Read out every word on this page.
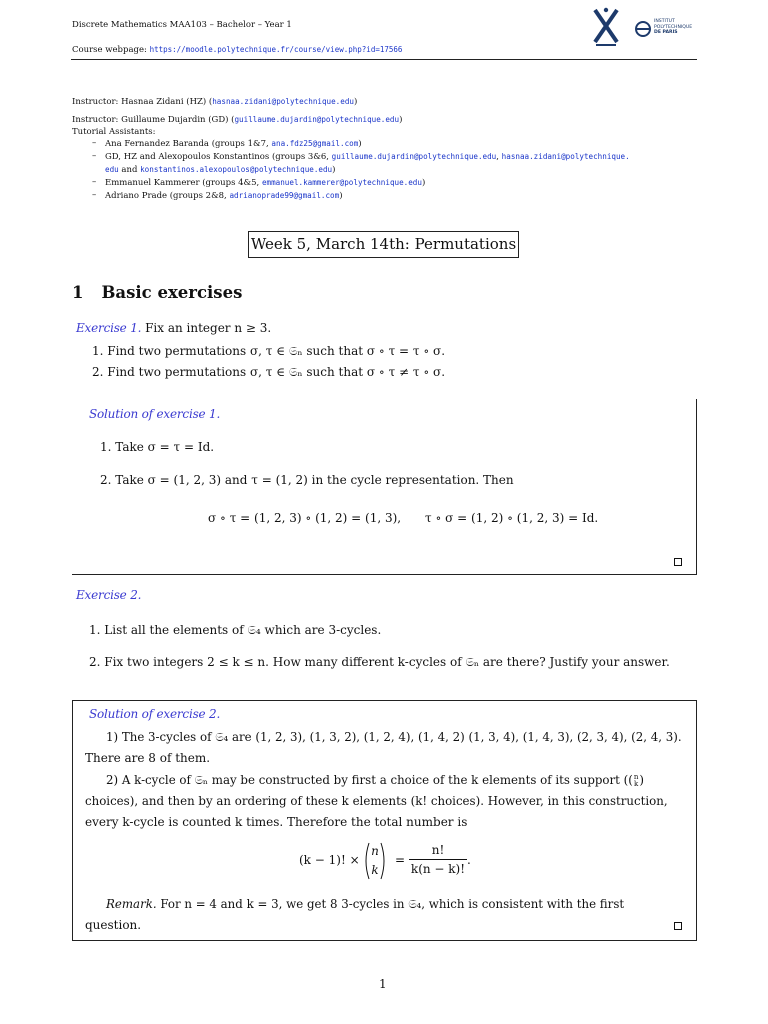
Discrete Mathematics MAA103 – Bachelor – Year 1
Course webpage: https://moodle.polytechnique.fr/course/view.php?id=17566
INSTITUT
POLYTECHNIQUE
DE PARIS
Instructor: Hasnaa Zidani (HZ) (hasnaa.zidani@polytechnique.edu)
Instructor: Guillaume Dujardin (GD) (guillaume.dujardin@polytechnique.edu)
Tutorial Assistants:
– Ana Fernandez Baranda (groups 1&7, ana.fdz25@gmail.com)
– GD, HZ and Alexopoulos Konstantinos (groups 3&6, guillaume.dujardin@polytechnique.edu, hasnaa.zidani@polytechnique.
edu and konstantinos.alexopoulos@polytechnique.edu)
– Emmanuel Kammerer (groups 4&5, emmanuel.kammerer@polytechnique.edu)
– Adriano Prade (groups 2&8, adrianoprade99@gmail.com)
Week 5, March 14th: Permutations
1 Basic exercises
Exercise 1. Fix an integer n ≥ 3.
1. Find two permutations σ, τ ∈ 𝔖ₙ such that σ ∘ τ = τ ∘ σ.
2. Find two permutations σ, τ ∈ 𝔖ₙ such that σ ∘ τ ≠ τ ∘ σ.
Solution of exercise 1.
1. Take σ = τ = Id.
2. Take σ = (1, 2, 3) and τ = (1, 2) in the cycle representation. Then
σ ∘ τ = (1, 2, 3) ∘ (1, 2) = (1, 3), τ ∘ σ = (1, 2) ∘ (1, 2, 3) = Id.
Exercise 2.
1. List all the elements of 𝔖₄ which are 3-cycles.
2. Fix two integers 2 ≤ k ≤ n. How many different k-cycles of 𝔖ₙ are there? Justify your answer.
Solution of exercise 2.
1) The 3-cycles of 𝔖₄ are (1, 2, 3), (1, 3, 2), (1, 2, 4), (1, 4, 2) (1, 3, 4), (1, 4, 3), (2, 3, 4), (2, 4, 3).
There are 8 of them.
2) A k-cycle of 𝔖ₙ may be constructed by first a choice of the k elements of its support ((n
k)
choices), and then by an ordering of these k elements (k! choices). However, in this construction,
every k-cycle is counted k times. Therefore the total number is
(k − 1)! ×
n
k
=
n!
k(n − k)!
.
Remark. For n = 4 and k = 3, we get 8 3-cycles in 𝔖₄, which is consistent with the first
question.
1
